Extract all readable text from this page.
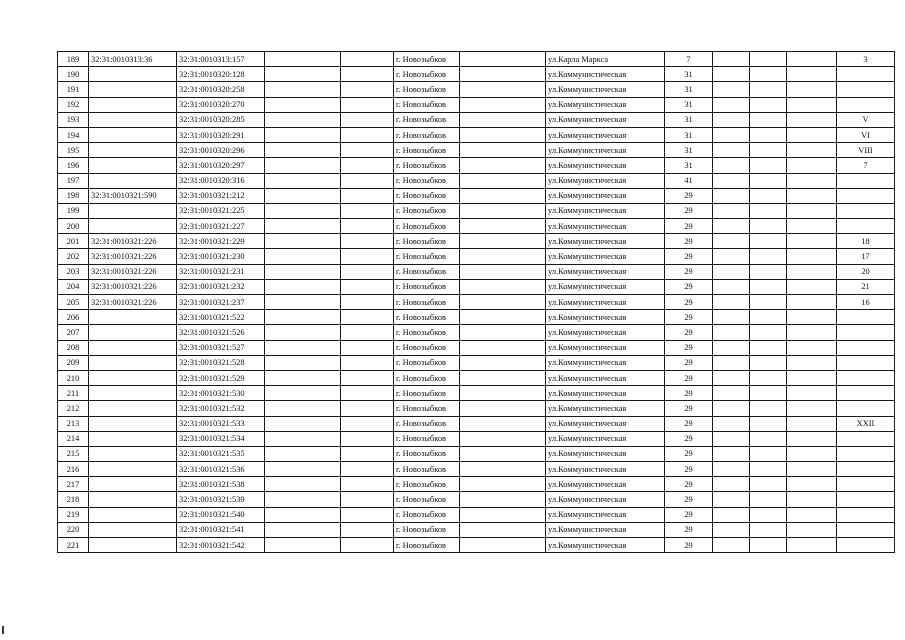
189	32:31:0010313:36	32:31:0010313:157			г. Новозыбков		ул.Карла Маркса	7				3
190		32:31:0010320:128			г. Новозыбков		ул.Коммунистическая	31				
191		32:31:0010320:258			г. Новозыбков		ул.Коммунистическая	31				
192		32:31:0010320:270			г. Новозыбков		ул.Коммунистическая	31				
193		32:31:0010320:285			г. Новозыбков		ул.Коммунистическая	31				V
194		32:31:0010320:291			г. Новозыбков		ул.Коммунистическая	31				VI
195		32:31:0010320:296			г. Новозыбков		ул.Коммунистическая	31				VIII
196		32:31:0010320:297			г. Новозыбков		ул.Коммунистическая	31				7
197		32:31:0010320:316			г. Новозыбков		ул.Коммунистическая	41				
198	32:31:0010321:590	32:31:0010321:212			г. Новозыбков		ул.Коммунистическая	29				
199		32:31:0010321:225			г. Новозыбков		ул.Коммунистическая	29				
200		32:31:0010321:227			г. Новозыбков		ул.Коммунистическая	29				
201	32:31:0010321:226	32:31:0010321:229			г. Новозыбков		ул.Коммунистическая	29				18
202	32:31:0010321:226	32:31:0010321:230			г. Новозыбков		ул.Коммунистическая	29				17
203	32:31:0010321:226	32:31:0010321:231			г. Новозыбков		ул.Коммунистическая	29				20
204	32:31:0010321:226	32:31:0010321:232			г. Новозыбков		ул.Коммунистическая	29				21
205	32:31:0010321:226	32:31:0010321:237			г. Новозыбков		ул.Коммунистическая	29				16
206		32:31:0010321:522			г. Новозыбков		ул.Коммунистическая	29				
207		32:31:0010321:526			г. Новозыбков		ул.Коммунистическая	29				
208		32:31:0010321:527			г. Новозыбков		ул.Коммунистическая	29				
209		32:31:0010321:528			г. Новозыбков		ул.Коммунистическая	29				
210		32:31:0010321:529			г. Новозыбков		ул.Коммунистическая	29				
211		32:31:0010321:530			г. Новозыбков		ул.Коммунистическая	29				
212		32:31:0010321:532			г. Новозыбков		ул.Коммунистическая	29				
213		32:31:0010321:533			г. Новозыбков		ул.Коммунистическая	29				XXII
214		32:31:0010321:534			г. Новозыбков		ул.Коммунистическая	29				
215		32:31:0010321:535			г. Новозыбков		ул.Коммунистическая	29				
216		32:31:0010321:536			г. Новозыбков		ул.Коммунистическая	29				
217		32:31:0010321:538			г. Новозыбков		ул.Коммунистическая	29				
218		32:31:0010321:539			г. Новозыбков		ул.Коммунистическая	29				
219		32:31:0010321:540			г. Новозыбков		ул.Коммунистическая	29				
220		32:31:0010321:541			г. Новозыбков		ул.Коммунистическая	29				
221		32:31:0010321:542			г. Новозыбков		ул.Коммунистическая	29				
